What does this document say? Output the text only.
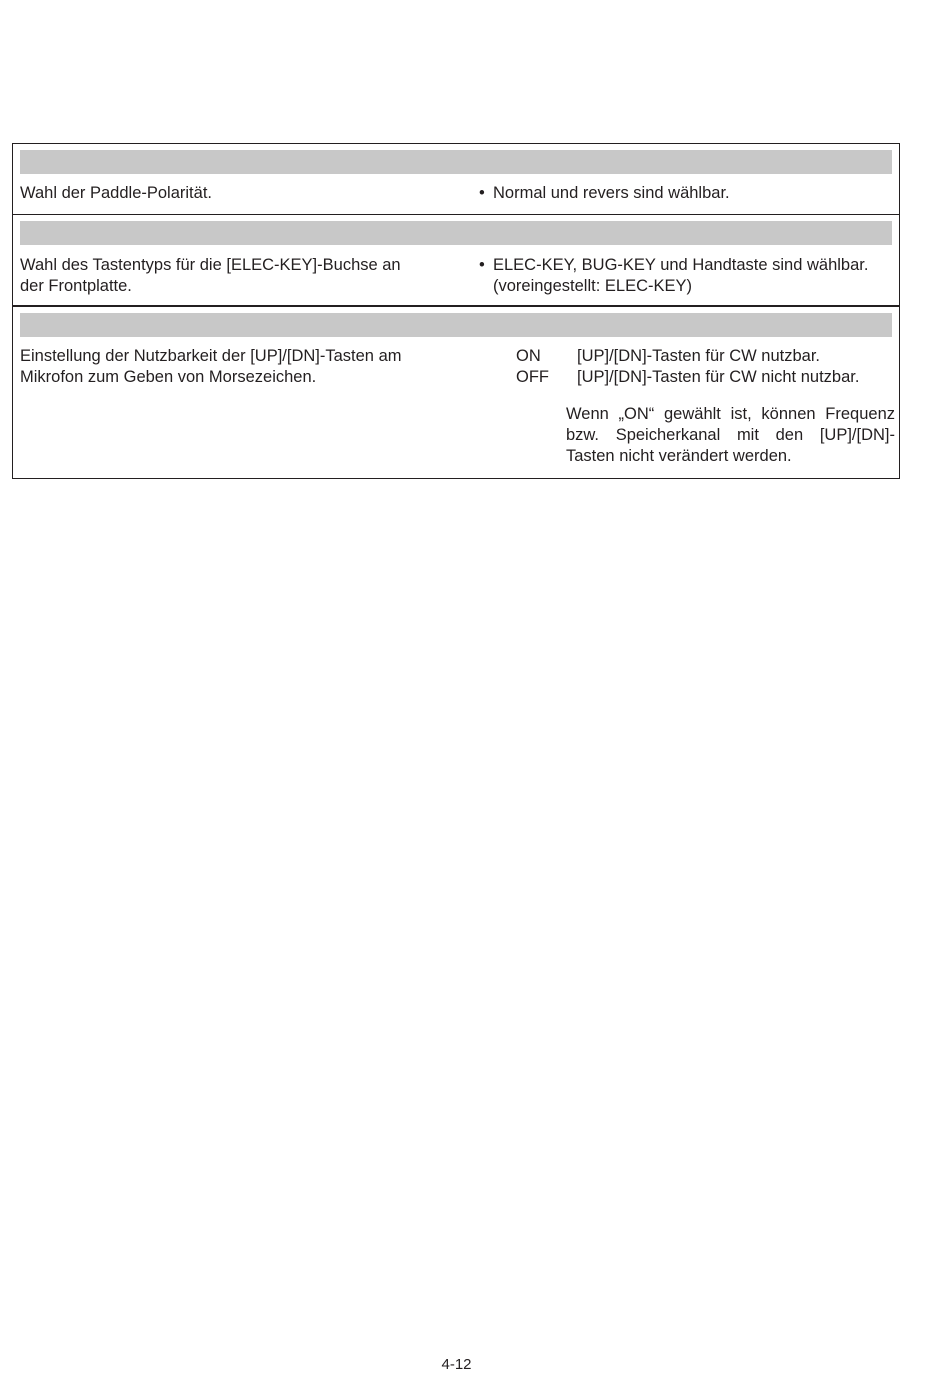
Wahl der Paddle-Polarität.	• Normal und revers sind wählbar.
Wahl des Tastentyps für die [ELEC-KEY]-Buchse an
der Frontplatte.
• ELEC-KEY, BUG-KEY und Handtaste sind wählbar.
(voreingestellt: ELEC-KEY)
Einstellung der Nutzbarkeit der [UP]/[DN]-Tasten am
Mikrofon zum Geben von Morsezeichen.
ON [UP]/[DN]-Tasten für CW nutzbar.
OFF [UP]/[DN]-Tasten für CW nicht nutzbar.
Wenn „ON“ gewählt ist, können Frequenz bzw. Speicherkanal mit den [UP]/[DN]-Tasten nicht verändert werden.
4-12
